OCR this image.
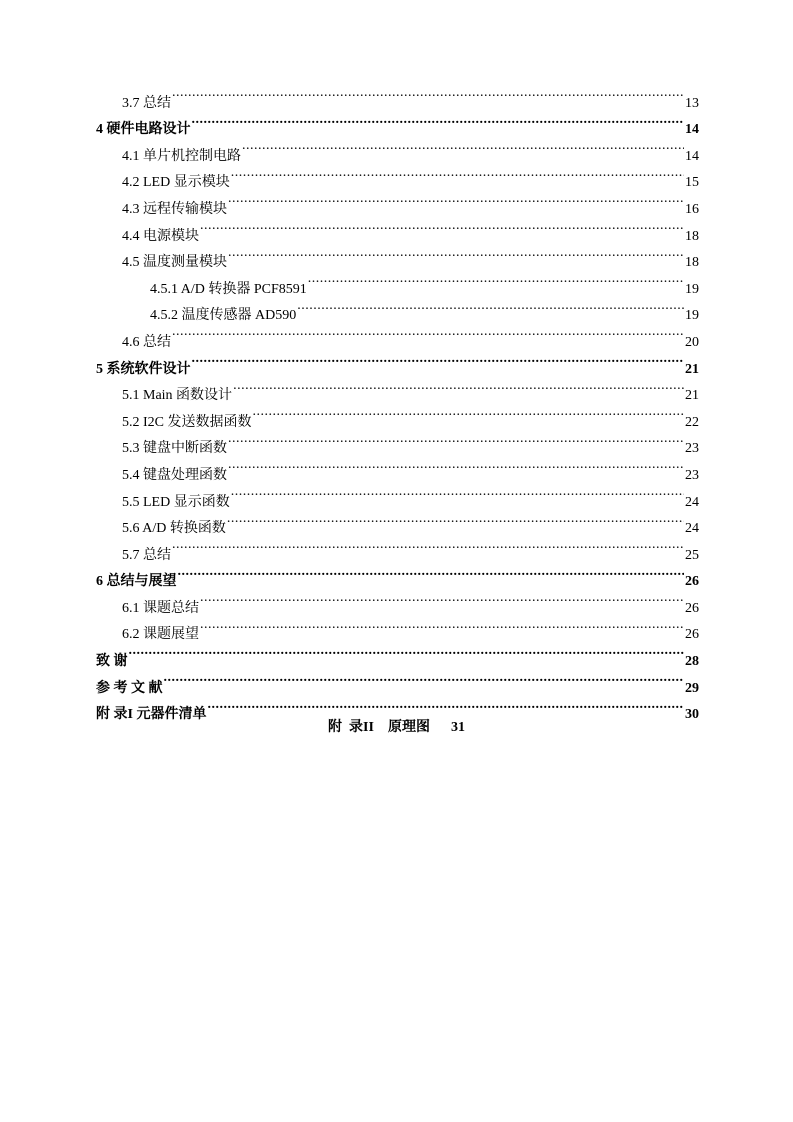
3.7 总结 .....	13
4 硬件电路设计 .....	14
4.1 单片机控制电路 .....	14
4.2 LED 显示模块 .....	15
4.3 远程传输模块 .....	16
4.4 电源模块 .....	18
4.5 温度测量模块 .....	18
4.5.1 A/D 转换器 PCF8591 .....	19
4.5.2 温度传感器 AD590 .....	19
4.6 总结 .....	20
5 系统软件设计 .....	21
5.1 Main 函数设计 .....	21
5.2 I2C 发送数据函数 .....	22
5.3 键盘中断函数 .....	23
5.4 键盘处理函数 .....	23
5.5 LED 显示函数 .....	24
5.6 A/D 转换函数 .....	24
5.7 总结 .....	25
6 总结与展望 .....	26
6.1 课题总结 .....	26
6.2 课题展望 .....	26
致 谢 .....	28
参 考 文 献 .....	29
附 录I 元器件清单 .....	30
附  录II    原理图      31
